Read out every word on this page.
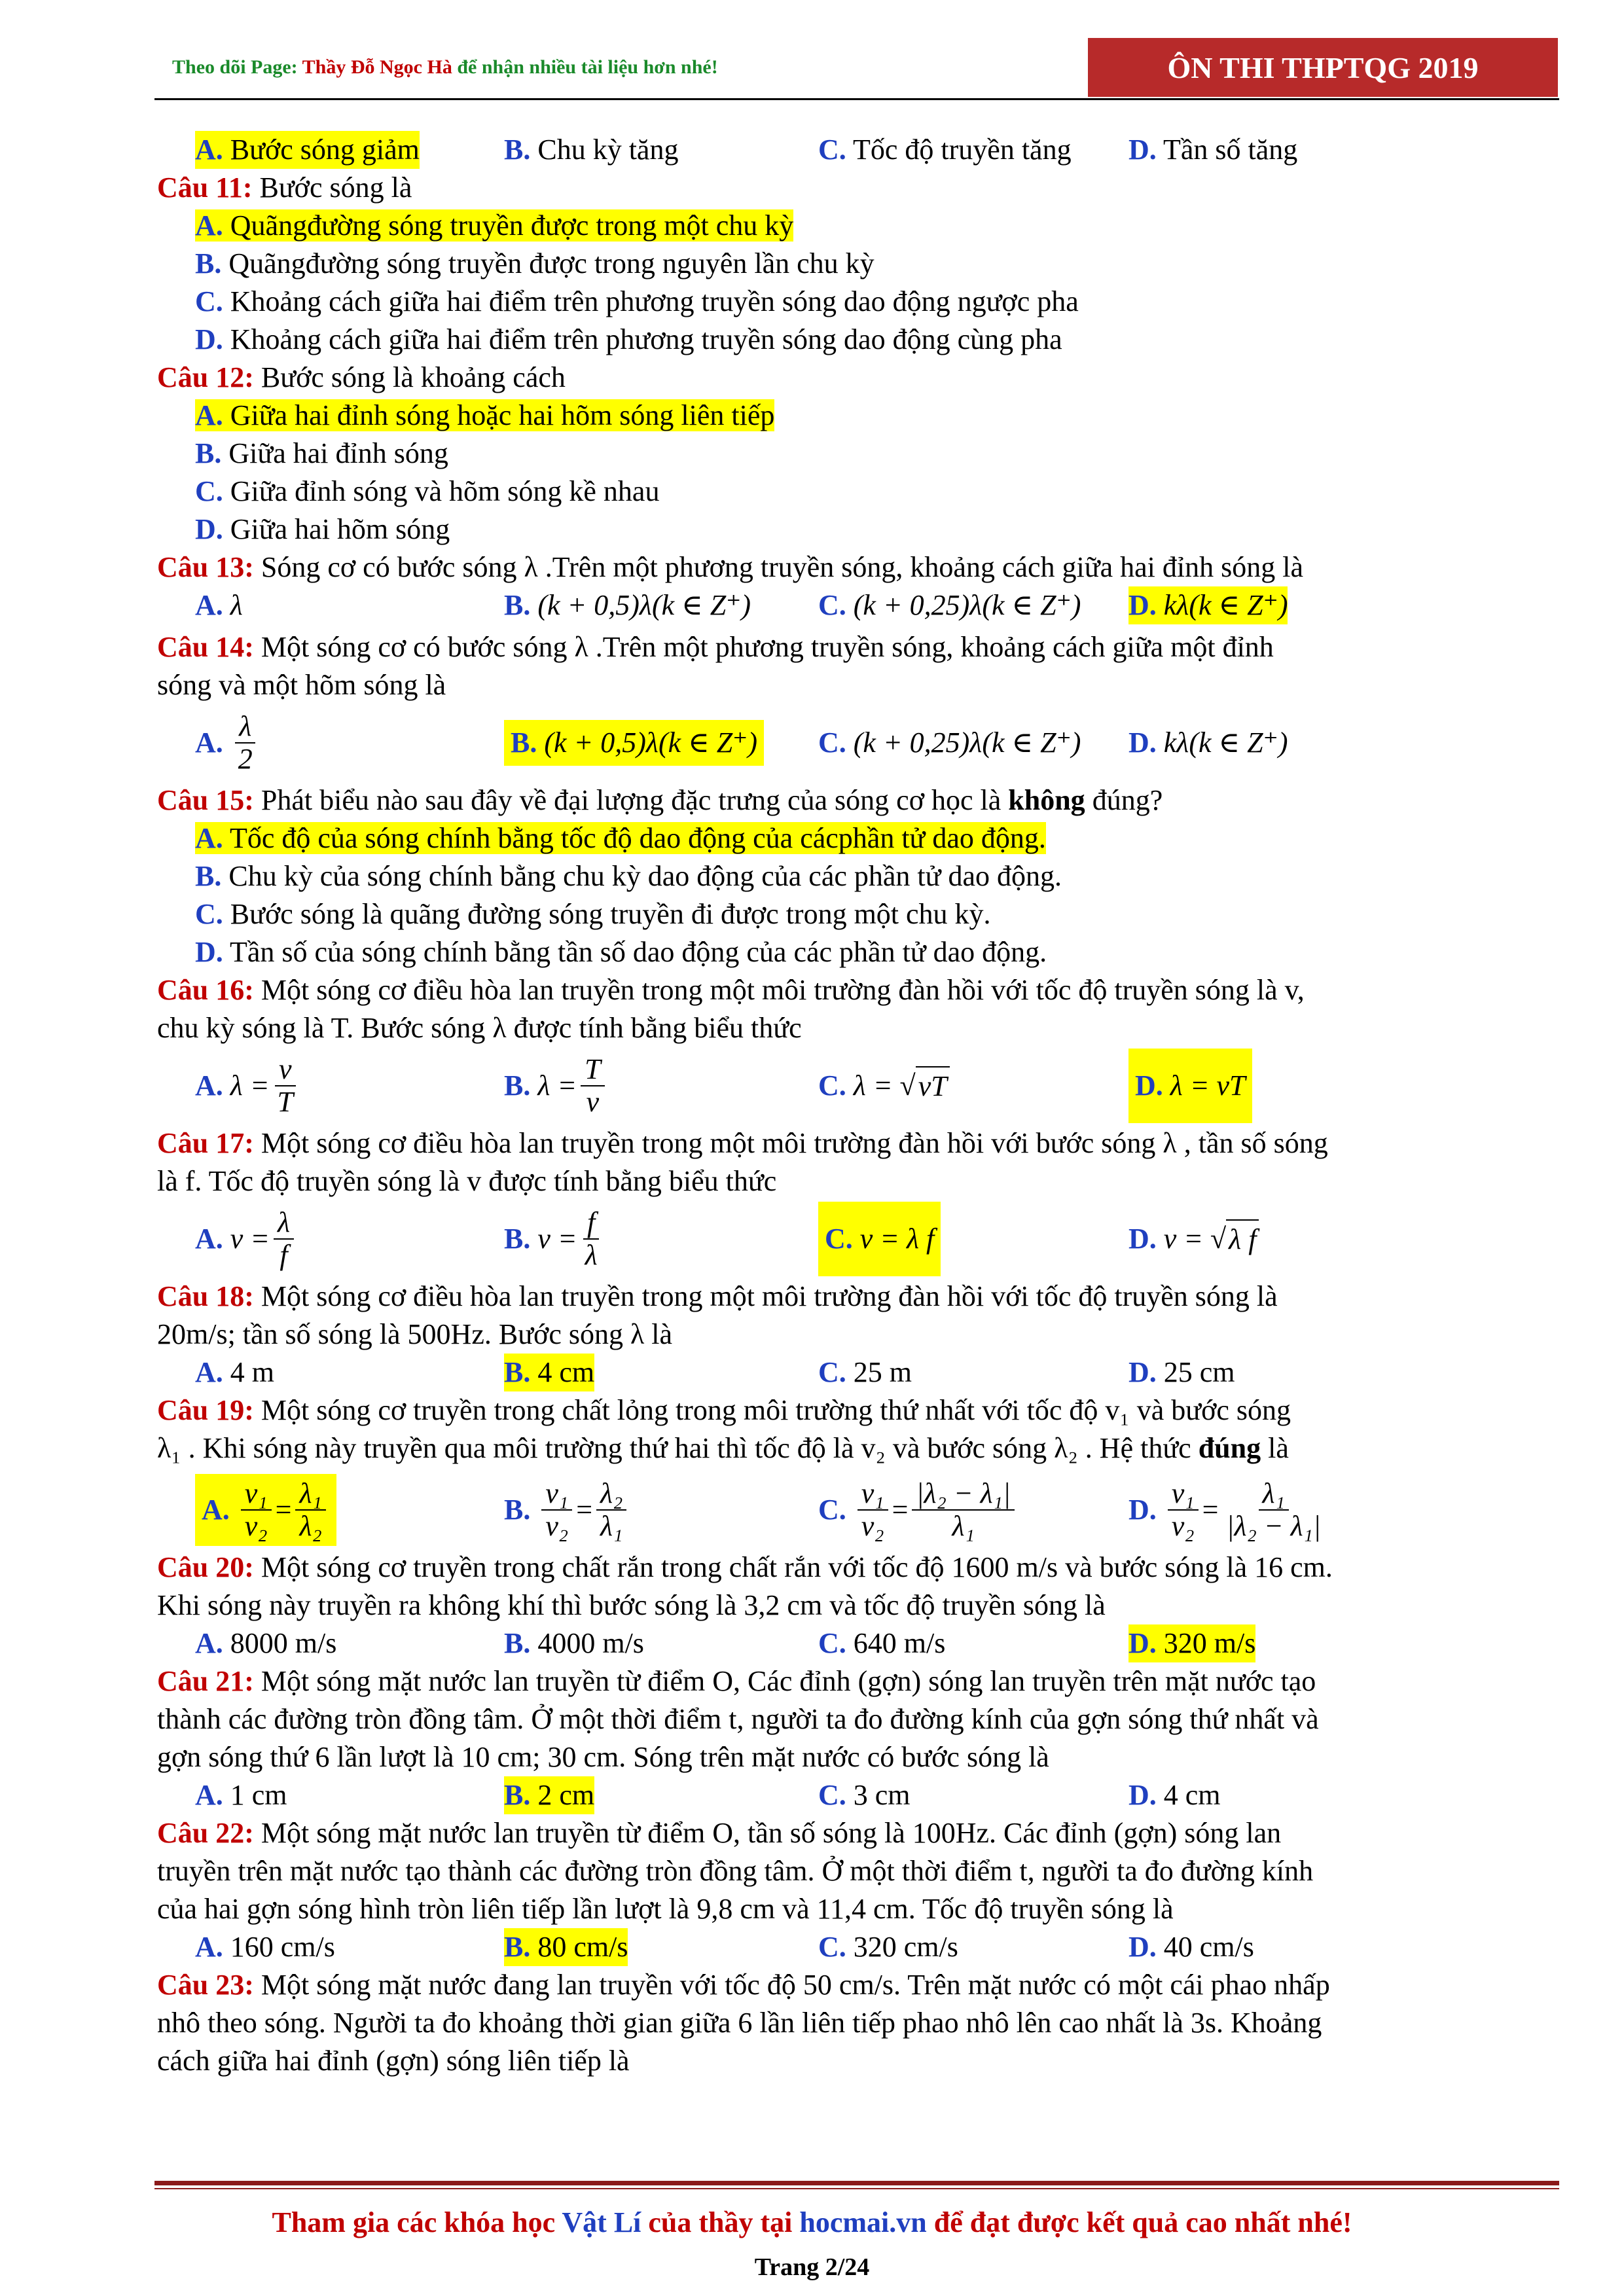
Theo dõi Page: Thầy Đỗ Ngọc Hà để nhận nhiều tài liệu hơn nhé!	ÔN THI THPTQG 2019
A. Bước sóng giảm	B. Chu kỳ tăng	C. Tốc độ truyền tăng D. Tần số tăng
Câu 11: Bước sóng là
A. Quãngđường sóng truyền được trong một chu kỳ
B. Quãngđường sóng truyền được trong nguyên lần chu kỳ
C. Khoảng cách giữa hai điểm trên phương truyền sóng dao động ngược pha
D. Khoảng cách giữa hai điểm trên phương truyền sóng dao động cùng pha
Câu 12: Bước sóng là khoảng cách
A. Giữa hai đỉnh sóng hoặc hai hõm sóng liên tiếp
B. Giữa hai đỉnh sóng
C. Giữa đỉnh sóng và hõm sóng kề nhau
D. Giữa hai hõm sóng
Câu 13: Sóng cơ có bước sóng λ .Trên một phương truyền sóng, khoảng cách giữa hai đỉnh sóng là
A. λ	B. (k + 0,5)λ(k ∈ Z⁺) C. (k + 0,25)λ(k ∈ Z⁺) D. kλ(k ∈ Z⁺)
Câu 14: Một sóng cơ có bước sóng λ .Trên một phương truyền sóng, khoảng cách giữa một đỉnh
sóng và một hõm sóng là
A.

λ
2
B. (k + 0,5)λ(k ∈ Z⁺) C.
(k + 0,25)λ(k ∈ Z⁺) D.
kλ(k ∈ Z⁺)
Câu 15: Phát biểu nào sau đây về đại lượng đặc trưng của sóng cơ học là không đúng?
A. Tốc độ của sóng chính bằng tốc độ dao động của cácphần tử dao động.
B. Chu kỳ của sóng chính bằng chu kỳ dao động của các phần tử dao động.
C. Bước sóng là quãng đường sóng truyền đi được trong một chu kỳ.
D. Tần số của sóng chính bằng tần số dao động của các phần tử dao động.
Câu 16: Một sóng cơ điều hòa lan truyền trong một môi trường đàn hồi với tốc độ truyền sóng là v,
chu kỳ sóng là T. Bước sóng λ được tính bằng biểu thức
A.
$\lambda = \frac{v}{T}$	B.
$\lambda = \frac{T}{v}$	C.
λ = √ vT	D. λ = vT
Câu 17: Một sóng cơ điều hòa lan truyền trong một môi trường đàn hồi với bước sóng λ , tần số sóng
là f. Tốc độ truyền sóng là v được tính bằng biểu thức
A.
$v = \frac{\lambda}{f}$	B.
$v = \frac{f}{\lambda}$	C. v = λ f	D.
v = √ λ f
Câu 18: Một sóng cơ điều hòa lan truyền trong một môi trường đàn hồi với tốc độ truyền sóng là
20m/s; tần số sóng là 500Hz. Bước sóng λ là
A. 4 m	B. 4 cm	C. 25 m	D. 25 cm
Câu 19: Một sóng cơ truyền trong chất lỏng trong môi trường thứ nhất với tốc độ v₁ và bước sóng
λ₁ . Khi sóng này truyền qua môi trường thứ hai thì tốc độ là v₂ và bước sóng λ₂ . Hệ thức đúng là
A.

v₁
v₂
=
λ₁
λ₂
B.

v₁
v₂
=
λ₂
λ₁
C.

v₁
v₂
=
|λ₂ − λ₁|
λ₁
D.

v₁
v₂
=
λ₁
|λ₂ − λ₁|
Câu 20: Một sóng cơ truyền trong chất rắn trong chất rắn với tốc độ 1600 m/s và bước sóng là 16 cm.
Khi sóng này truyền ra không khí thì bước sóng là 3,2 cm và tốc độ truyền sóng là
A. 8000 m/s	B. 4000 m/s	C. 640 m/s	D. 320 m/s
Câu 21: Một sóng mặt nước lan truyền từ điểm O, Các đỉnh (gợn) sóng lan truyền trên mặt nước tạo
thành các đường tròn đồng tâm. Ở một thời điểm t, người ta đo đường kính của gợn sóng thứ nhất và
gợn sóng thứ 6 lần lượt là 10 cm; 30 cm. Sóng trên mặt nước có bước sóng là
A. 1 cm	B. 2 cm	C. 3 cm	D. 4 cm
Câu 22: Một sóng mặt nước lan truyền từ điểm O, tần số sóng là 100Hz. Các đỉnh (gợn) sóng lan
truyền trên mặt nước tạo thành các đường tròn đồng tâm. Ở một thời điểm t, người ta đo đường kính
của hai gợn sóng hình tròn liên tiếp lần lượt là 9,8 cm và 11,4 cm. Tốc độ truyền sóng là
A. 160 cm/s	B. 80 cm/s	C. 320 cm/s	D. 40 cm/s
Câu 23: Một sóng mặt nước đang lan truyền với tốc độ 50 cm/s. Trên mặt nước có một cái phao nhấp
nhô theo sóng. Người ta đo khoảng thời gian giữa 6 lần liên tiếp phao nhô lên cao nhất là 3s. Khoảng
cách giữa hai đỉnh (gợn) sóng liên tiếp là
Tham gia các khóa học Vật Lí của thầy tại hocmai.vn để đạt được kết quả cao nhất nhé!
Trang 2/24
